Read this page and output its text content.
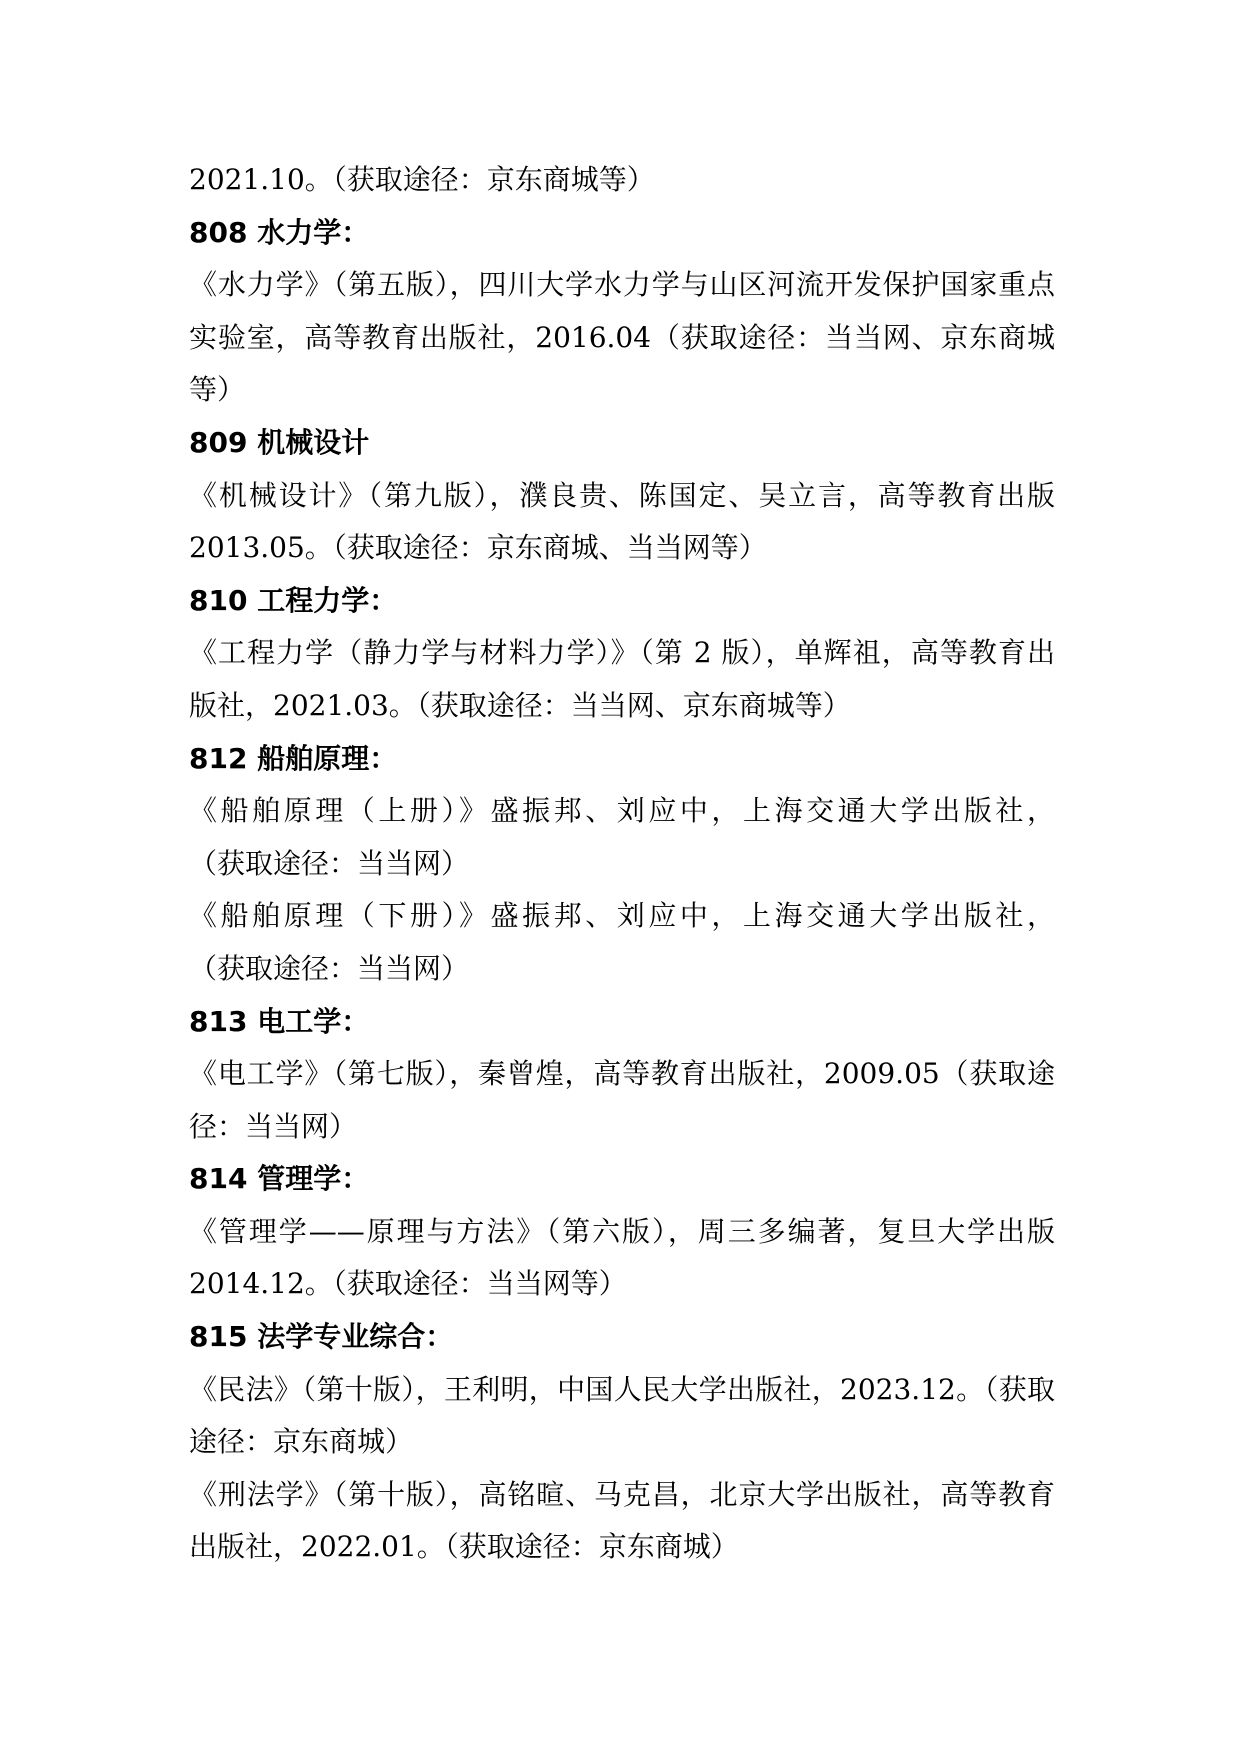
2021.10。（获取途径：京东商城等）
808 水力学：
《水力学》（第五版），四川大学水力学与山区河流开发保护国家重点
实验室，高等教育出版社，2016.04（获取途径：当当网、京东商城
等）
809 机械设计
《机械设计》（第九版），濮良贵、陈国定、吴立言，高等教育出版
2013.05。（获取途径：京东商城、当当网等）
810 工程力学：
《工程力学（静力学与材料力学）》（第 2 版），单辉祖，高等教育出
版社，2021.03。（获取途径：当当网、京东商城等）
812 船舶原理：
《船舶原理（上册）》盛振邦、刘应中，上海交通大学出版社，
（获取途径：当当网）
《船舶原理（下册）》盛振邦、刘应中，上海交通大学出版社，
（获取途径：当当网）
813 电工学：
《电工学》（第七版），秦曾煌，高等教育出版社，2009.05（获取途
径：当当网）
814 管理学：
《管理学——原理与方法》（第六版），周三多编著，复旦大学出版
2014.12。（获取途径：当当网等）
815 法学专业综合：
《民法》（第十版），王利明，中国人民大学出版社，2023.12。（获取
途径：京东商城）
《刑法学》（第十版），高铭暄、马克昌，北京大学出版社，高等教育
出版社，2022.01。（获取途径：京东商城）
